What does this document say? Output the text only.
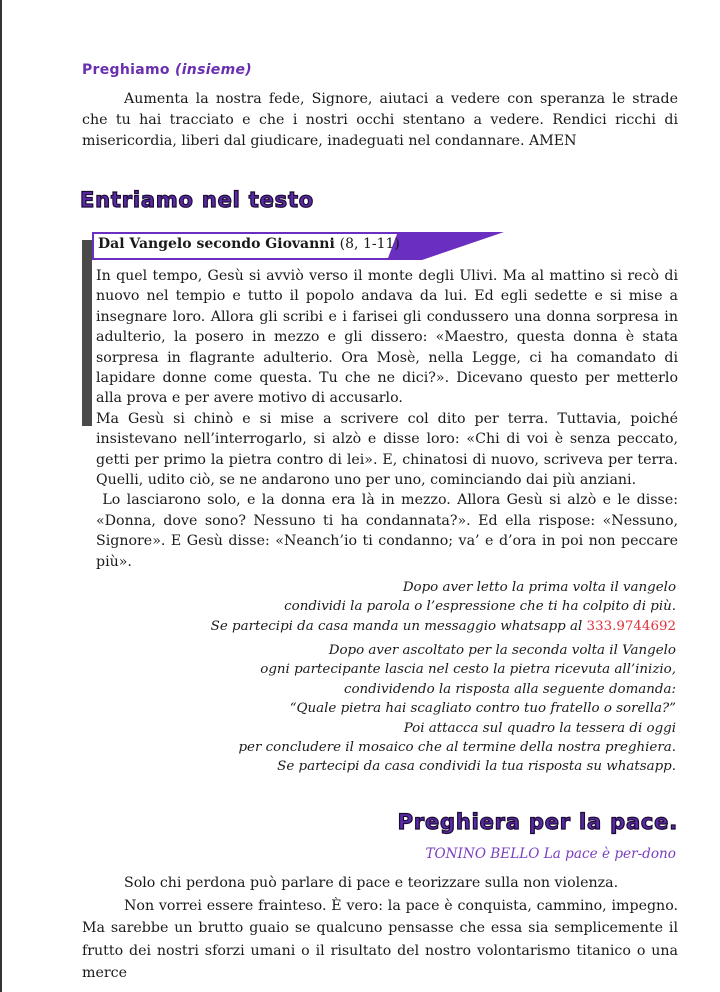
Preghiamo (insieme)

Aumenta la nostra fede, Signore, aiutaci a vedere con speranza le strade che tu hai tracciato e che i nostri occhi stentano a vedere. Rendici ricchi di misericordia, liberi dal giudicare, inadeguati nel condannare. AMEN

Entriamo nel testo
Dal Vangelo secondo Giovanni (8, 1-11)

In quel tempo, Gesù si avviò verso il monte degli Ulivi. Ma al mattino si recò di nuovo nel tempio e tutto il popolo andava da lui. Ed egli sedette e si mise a insegnare loro. Allora gli scribi e i farisei gli condussero una donna sorpresa in adulterio, la posero in mezzo e gli dissero: «Maestro, questa donna è stata sorpresa in flagrante adulterio. Ora Mosè, nella Legge, ci ha comandato di lapidare donne come questa. Tu che ne dici?». Dicevano questo per metterlo alla prova e per avere motivo di accusarlo.

Ma Gesù si chinò e si mise a scrivere col dito per terra. Tuttavia, poiché insistevano nell’interrogarlo, si alzò e disse loro: «Chi di voi è senza peccato, getti per primo la pietra contro di lei». E, chinatosi di nuovo, scriveva per terra. Quelli, udito ciò, se ne andarono uno per uno, cominciando dai più anziani.

Lo lasciarono solo, e la donna era là in mezzo. Allora Gesù si alzò e le disse: «Donna, dove sono? Nessuno ti ha condannata?». Ed ella rispose: «Nessuno, Signore». E Gesù disse: «Neanch’io ti condanno; va’ e d’ora in poi non peccare più».

Dopo aver letto la prima volta il vangelo
condividi la parola o l’espressione che ti ha colpito di più.
Se partecipi da casa manda un messaggio whatsapp al 333.9744692
Dopo aver ascoltato per la seconda volta il Vangelo
ogni partecipante lascia nel cesto la pietra ricevuta all’inizio,
condividendo la risposta alla seguente domanda:
“Quale pietra hai scagliato contro tuo fratello o sorella?”
Poi attacca sul quadro la tessera di oggi
per concludere il mosaico che al termine della nostra preghiera.
Se partecipi da casa condividi la tua risposta su whatsapp.
Preghiera per la pace.
TONINO BELLO La pace è per-dono

Solo chi perdona può parlare di pace e teorizzare sulla non violenza.

Non vorrei essere frainteso. È vero: la pace è conquista, cammino, impegno. Ma sarebbe un brutto guaio se qualcuno pensasse che essa sia semplicemente il frutto dei nostri sforzi umani o il risultato del nostro volontarismo titanico o una merce
